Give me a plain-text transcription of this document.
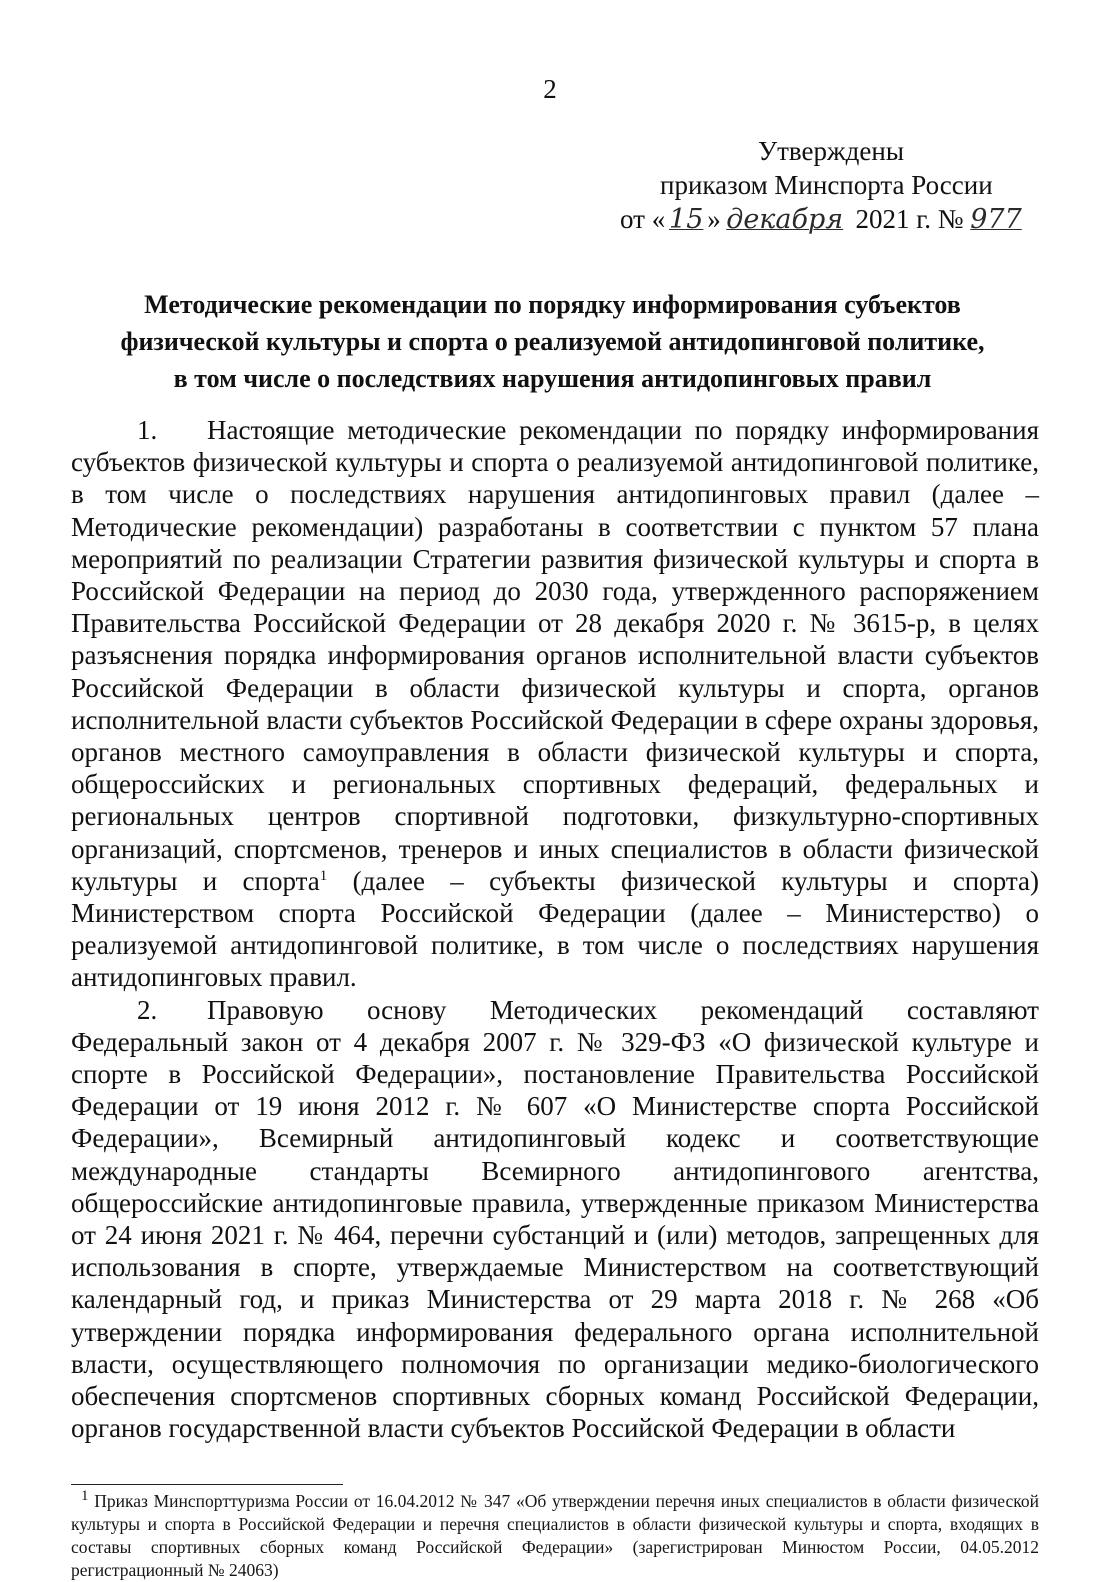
2
Утверждены
приказом Минспорта России
от « 15 » декабря 2021 г. № 977
Методические рекомендации по порядку информирования субъектов
физической культуры и спорта о реализуемой антидопинговой политике,
в том числе о последствиях нарушения антидопинговых правил

1. Настоящие методические рекомендации по порядку информирования субъектов физической культуры и спорта о реализуемой антидопинговой политике, в том числе о последствиях нарушения антидопинговых правил (далее – Методические рекомендации) разработаны в соответствии с пунктом 57 плана мероприятий по реализации Стратегии развития физической культуры и спорта в Российской Федерации на период до 2030 года, утвержденного распоряжением Правительства Российской Федерации от 28 декабря 2020 г. № 3615-р, в целях разъяснения порядка информирования органов исполнительной власти субъектов Российской Федерации в области физической культуры и спорта, органов исполнительной власти субъектов Российской Федерации в сфере охраны здоровья, органов местного самоуправления в области физической культуры и спорта, общероссийских и региональных спортивных федераций, федеральных и региональных центров спортивной подготовки, физкультурно-спортивных организаций, спортсменов, тренеров и иных специалистов в области физической культуры и спорта$^1$ (далее – субъекты физической культуры и спорта) Министерством спорта Российской Федерации (далее – Министерство) о реализуемой антидопинговой политике, в том числе о последствиях нарушения антидопинговых правил.

2. Правовую основу Методических рекомендаций составляют Федеральный закон от 4 декабря 2007 г. № 329-ФЗ «О физической культуре и спорте в Российской Федерации», постановление Правительства Российской Федерации от 19 июня 2012 г. № 607 «О Министерстве спорта Российской Федерации», Всемирный антидопинговый кодекс и соответствующие международные стандарты Всемирного антидопингового агентства, общероссийские антидопинговые правила, утвержденные приказом Министерства от 24 июня 2021 г. № 464, перечни субстанций и (или) методов, запрещенных для использования в спорте, утверждаемые Министерством на соответствующий календарный год, и приказ Министерства от 29 марта 2018 г. № 268 «Об утверждении порядка информирования федерального органа исполнительной власти, осуществляющего полномочия по организации медико-биологического обеспечения спортсменов спортивных сборных команд Российской Федерации, органов государственной власти субъектов Российской Федерации в области

$^1$ Приказ Минспорттуризма России от 16.04.2012 № 347 «Об утверждении перечня иных специалистов в области физической культуры и спорта в Российской Федерации и перечня специалистов в области физической культуры и спорта, входящих в составы спортивных сборных команд Российской Федерации» (зарегистрирован Минюстом России, 04.05.2012 регистрационный № 24063)
